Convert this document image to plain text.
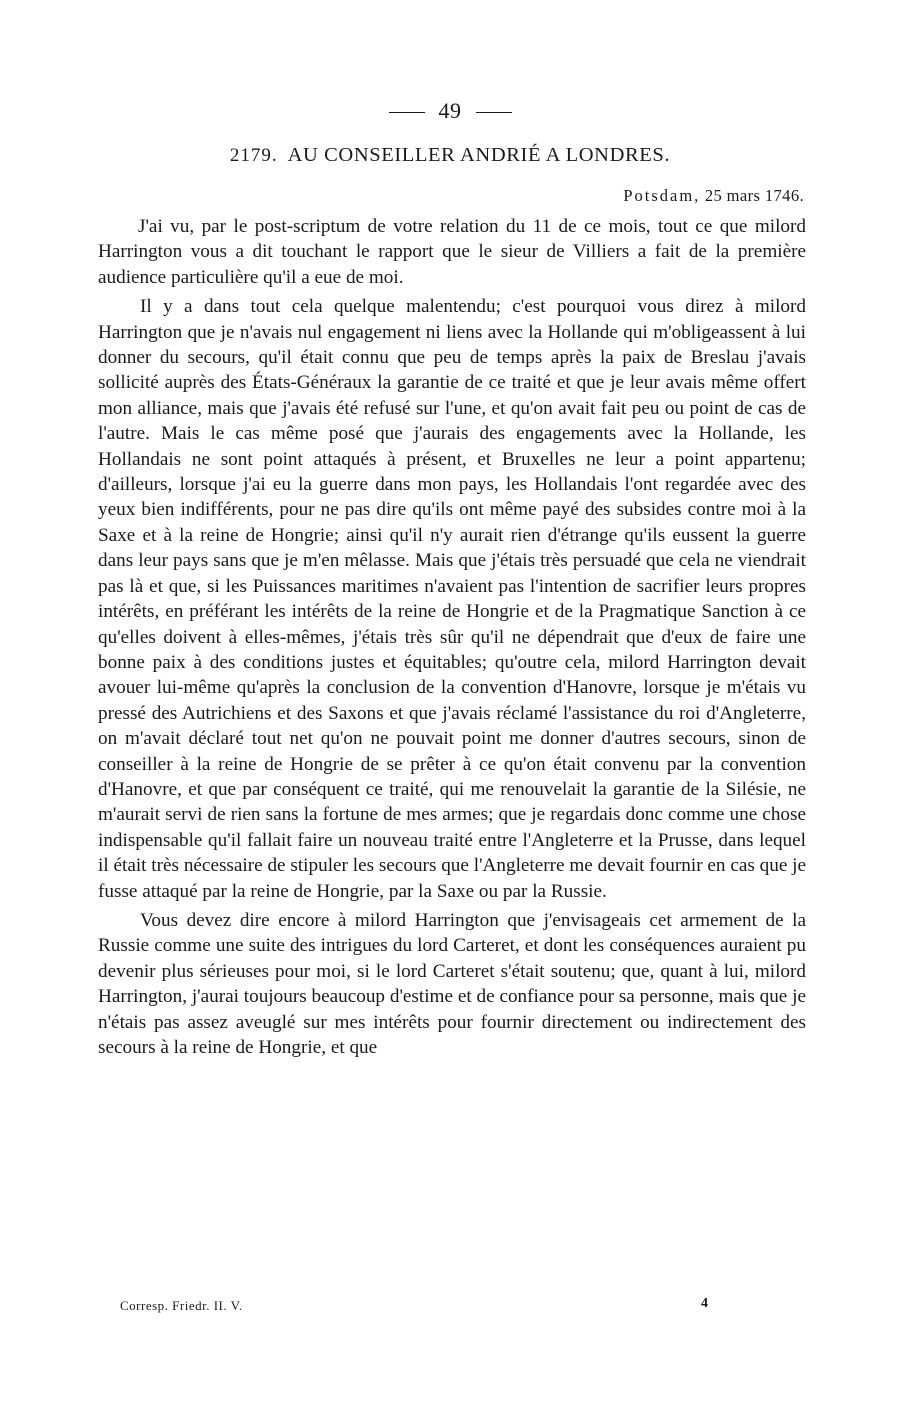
49
2179. AU CONSEILLER ANDRIÉ A LONDRES.
Potsdam, 25 mars 1746.

J'ai vu, par le post-scriptum de votre relation du 11 de ce mois, tout ce que milord Harrington vous a dit touchant le rapport que le sieur de Villiers a fait de la première audience particulière qu'il a eue de moi.

Il y a dans tout cela quelque malentendu; c'est pourquoi vous direz à milord Harrington que je n'avais nul engagement ni liens avec la Hollande qui m'obligeassent à lui donner du secours, qu'il était connu que peu de temps après la paix de Breslau j'avais sollicité auprès des États-Généraux la garantie de ce traité et que je leur avais même offert mon alliance, mais que j'avais été refusé sur l'une, et qu'on avait fait peu ou point de cas de l'autre. Mais le cas même posé que j'aurais des engagements avec la Hollande, les Hollandais ne sont point attaqués à présent, et Bruxelles ne leur a point appartenu; d'ailleurs, lorsque j'ai eu la guerre dans mon pays, les Hollandais l'ont regardée avec des yeux bien indifférents, pour ne pas dire qu'ils ont même payé des subsides contre moi à la Saxe et à la reine de Hongrie; ainsi qu'il n'y aurait rien d'étrange qu'ils eussent la guerre dans leur pays sans que je m'en mêlasse. Mais que j'étais très persuadé que cela ne viendrait pas là et que, si les Puissances maritimes n'avaient pas l'intention de sacrifier leurs propres intérêts, en préférant les intérêts de la reine de Hongrie et de la Pragmatique Sanction à ce qu'elles doivent à elles-mêmes, j'étais très sûr qu'il ne dépendrait que d'eux de faire une bonne paix à des conditions justes et équitables; qu'outre cela, milord Harrington devait avouer lui-même qu'après la conclusion de la convention d'Hanovre, lorsque je m'étais vu pressé des Autrichiens et des Saxons et que j'avais réclamé l'assistance du roi d'Angleterre, on m'avait déclaré tout net qu'on ne pouvait point me donner d'autres secours, sinon de conseiller à la reine de Hongrie de se prêter à ce qu'on était convenu par la convention d'Hanovre, et que par conséquent ce traité, qui me renouvelait la garantie de la Silésie, ne m'aurait servi de rien sans la fortune de mes armes; que je regardais donc comme une chose indispensable qu'il fallait faire un nouveau traité entre l'Angleterre et la Prusse, dans lequel il était très nécessaire de stipuler les secours que l'Angleterre me devait fournir en cas que je fusse attaqué par la reine de Hongrie, par la Saxe ou par la Russie.

Vous devez dire encore à milord Harrington que j'envisageais cet armement de la Russie comme une suite des intrigues du lord Carteret, et dont les conséquences auraient pu devenir plus sérieuses pour moi, si le lord Carteret s'était soutenu; que, quant à lui, milord Harrington, j'aurai toujours beaucoup d'estime et de confiance pour sa personne, mais que je n'étais pas assez aveuglé sur mes intérêts pour fournir directement ou indirectement des secours à la reine de Hongrie, et que

Corresp. Friedr. II. V.	4
